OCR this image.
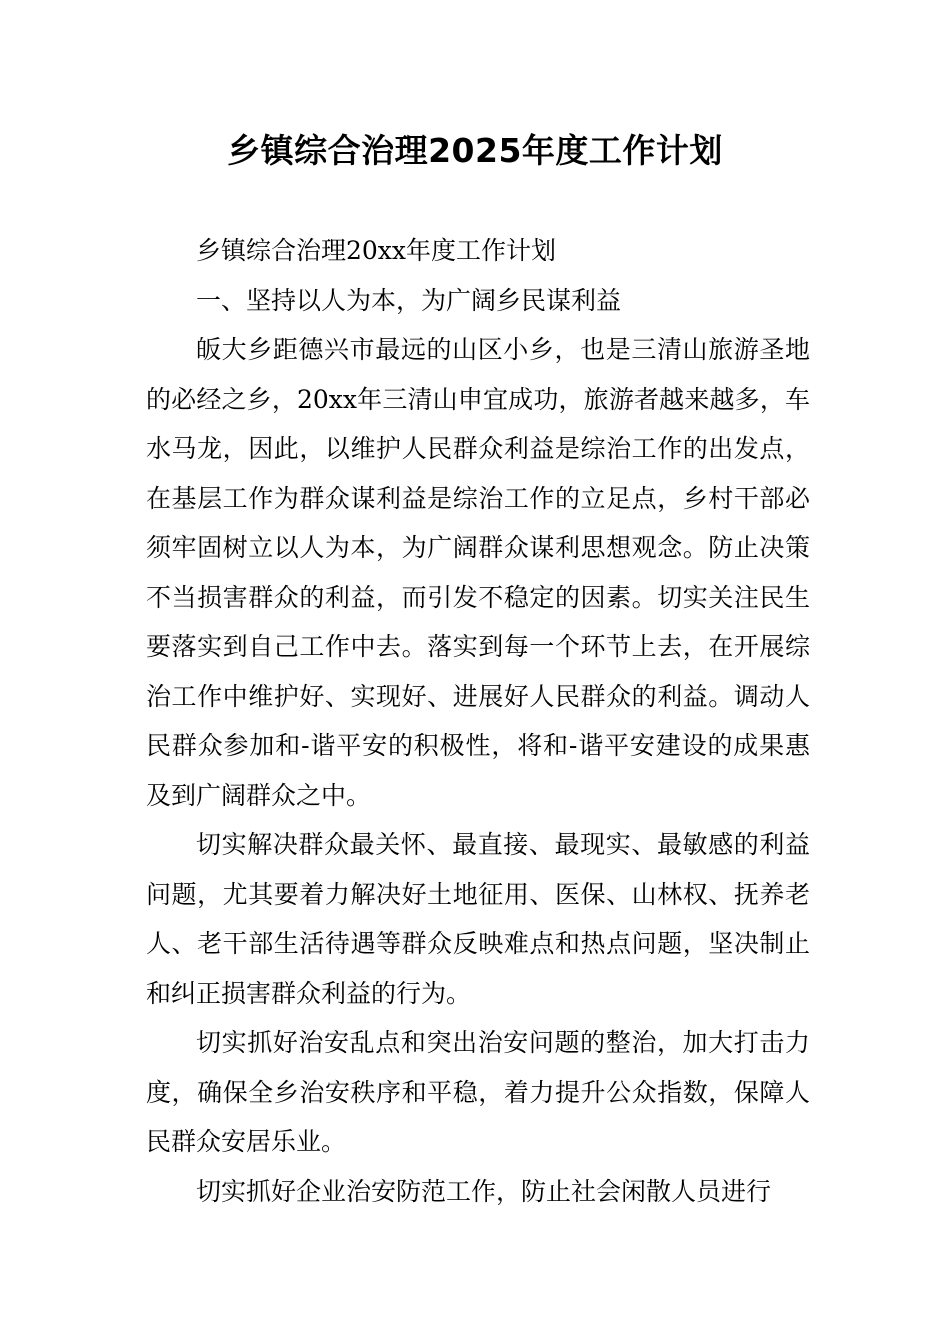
乡镇综合治理2025年度工作计划

乡镇综合治理20xx年度工作计划

一、坚持以人为本，为广阔乡民谋利益

皈大乡距德兴市最远的山区小乡，也是三清山旅游圣地的必经之乡，20xx年三清山申宜成功，旅游者越来越多，车水马龙，因此，以维护人民群众利益是综治工作的出发点，在基层工作为群众谋利益是综治工作的立足点，乡村干部必须牢固树立以人为本，为广阔群众谋利思想观念。防止决策不当损害群众的利益，而引发不稳定的因素。切实关注民生要落实到自己工作中去。落实到每一个环节上去，在开展综治工作中维护好、实现好、进展好人民群众的利益。调动人民群众参加和-谐平安的积极性，将和-谐平安建设的成果惠及到广阔群众之中。

切实解决群众最关怀、最直接、最现实、最敏感的利益问题，尤其要着力解决好土地征用、医保、山林权、抚养老人、老干部生活待遇等群众反映难点和热点问题，坚决制止和纠正损害群众利益的行为。

切实抓好治安乱点和突出治安问题的整治，加大打击力度，确保全乡治安秩序和平稳，着力提升公众指数，保障人民群众安居乐业。

切实抓好企业治安防范工作，防止社会闲散人员进行
